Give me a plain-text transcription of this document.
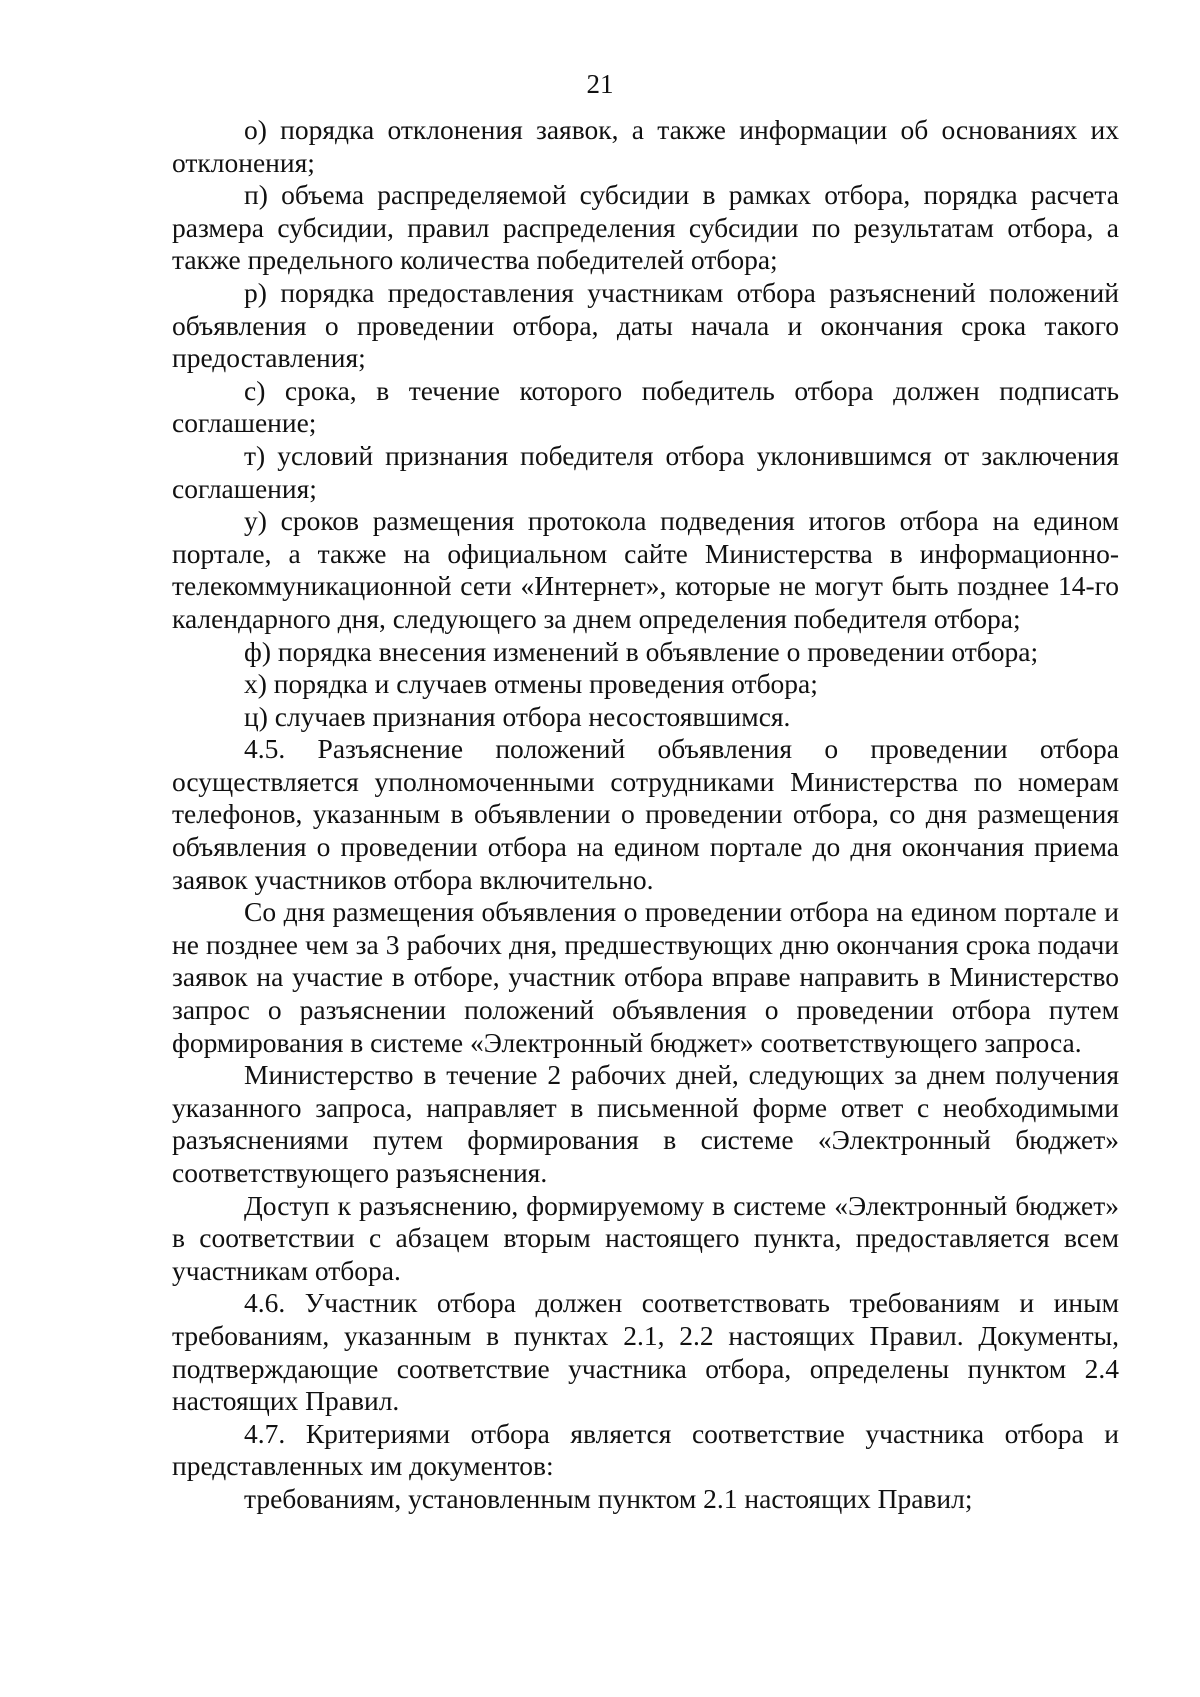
21

о) порядка отклонения заявок, а также информации об основаниях их отклонения;

п) объема распределяемой субсидии в рамках отбора, порядка расчета размера субсидии, правил распределения субсидии по результатам отбора, а также предельного количества победителей отбора;

р) порядка предоставления участникам отбора разъяснений положений объявления о проведении отбора, даты начала и окончания срока такого предоставления;

с) срока, в течение которого победитель отбора должен подписать соглашение;

т) условий признания победителя отбора уклонившимся от заключения соглашения;

у) сроков размещения протокола подведения итогов отбора на едином портале, а также на официальном сайте Министерства в информационно-телекоммуникационной сети «Интернет», которые не могут быть позднее 14-го календарного дня, следующего за днем определения победителя отбора;

ф) порядка внесения изменений в объявление о проведении отбора;

х) порядка и случаев отмены проведения отбора;

ц) случаев признания отбора несостоявшимся.

4.5. Разъяснение положений объявления о проведении отбора осуществляется уполномоченными сотрудниками Министерства по номерам телефонов, указанным в объявлении о проведении отбора, со дня размещения объявления о проведении отбора на едином портале до дня окончания приема заявок участников отбора включительно.

Со дня размещения объявления о проведении отбора на едином портале и не позднее чем за 3 рабочих дня, предшествующих дню окончания срока подачи заявок на участие в отборе, участник отбора вправе направить в Министерство запрос о разъяснении положений объявления о проведении отбора путем формирования в системе «Электронный бюджет» соответствующего запроса.

Министерство в течение 2 рабочих дней, следующих за днем получения указанного запроса, направляет в письменной форме ответ с необходимыми разъяснениями путем формирования в системе «Электронный бюджет» соответствующего разъяснения.

Доступ к разъяснению, формируемому в системе «Электронный бюджет» в соответствии с абзацем вторым настоящего пункта, предоставляется всем участникам отбора.

4.6. Участник отбора должен соответствовать требованиям и иным требованиям, указанным в пунктах 2.1, 2.2 настоящих Правил. Документы, подтверждающие соответствие участника отбора, определены пунктом 2.4 настоящих Правил.

4.7. Критериями отбора является соответствие участника отбора и представленных им документов:

требованиям, установленным пунктом 2.1 настоящих Правил;
